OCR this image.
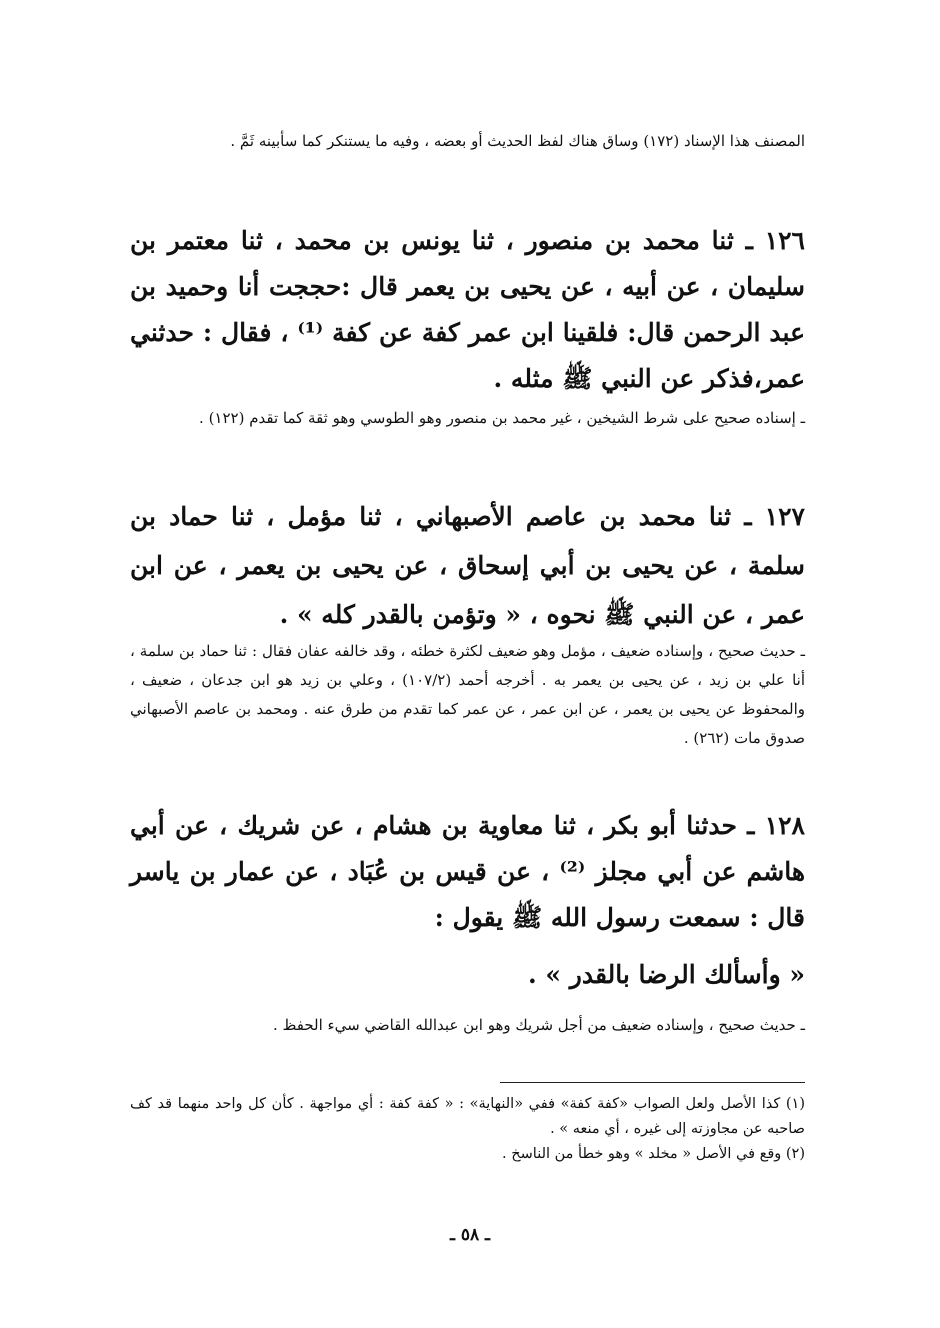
المصنف هذا الإسناد (١٧٢) وساق هناك لفظ الحديث أو بعضه ، وفيه ما يستنكر كما سأبينه ثَمَّ .
١٢٦ ـ ثنا محمد بن منصور ، ثنا يونس بن محمد ، ثنا معتمر بن سليمان ، عن أبيه ، عن يحيى بن يعمر قال :حججت أنا وحميد بن عبد الرحمن قال: فلقينا ابن عمر كفة عن كفة ⁽¹⁾ ، فقال : حدثني عمر،فذكر عن النبي ﷺ مثله .
ـ إسناده صحيح على شرط الشيخين ، غير محمد بن منصور وهو الطوسي وهو ثقة كما تقدم (١٢٢) .
١٢٧ ـ ثنا محمد بن عاصم الأصبهاني ، ثنا مؤمل ، ثنا حماد بن سلمة ، عن يحيى بن أبي إسحاق ، عن يحيى بن يعمر ، عن ابن عمر ، عن النبي ﷺ نحوه ، « وتؤمن بالقدر كله » .
ـ حديث صحيح ، وإسناده ضعيف ، مؤمل وهو ضعيف لكثرة خطئه ، وقد خالفه عفان فقال : ثنا حماد بن سلمة ، أنا علي بن زيد ، عن يحيى بن يعمر به . أخرجه أحمد (١٠٧/٢) ، وعلي بن زيد هو ابن جدعان ، ضعيف ، والمحفوظ عن يحيى بن يعمر ، عن ابن عمر ، عن عمر كما تقدم من طرق عنه . ومحمد بن عاصم الأصبهاني صدوق مات (٢٦٢) .
١٢٨ ـ حدثنا أبو بكر ، ثنا معاوية بن هشام ، عن شريك ، عن أبي هاشم عن أبي مجلز ⁽²⁾ ، عن قيس بن عُبَاد ، عن عمار بن ياسر قال : سمعت رسول الله ﷺ يقول :
« وأسألك الرضا بالقدر » .
ـ حديث صحيح ، وإسناده ضعيف من أجل شريك وهو ابن عبدالله القاضي سيء الحفظ .
(١) كذا الأصل ولعل الصواب «كفة كفة» ففي «النهاية» : « كفة كفة : أي مواجهة . كأن كل واحد منهما قد كف صاحبه عن مجاوزته إلى غيره ، أي منعه » .
(٢) وقع في الأصل « مخلد » وهو خطأ من الناسخ .
ـ ٥٨ ـ
